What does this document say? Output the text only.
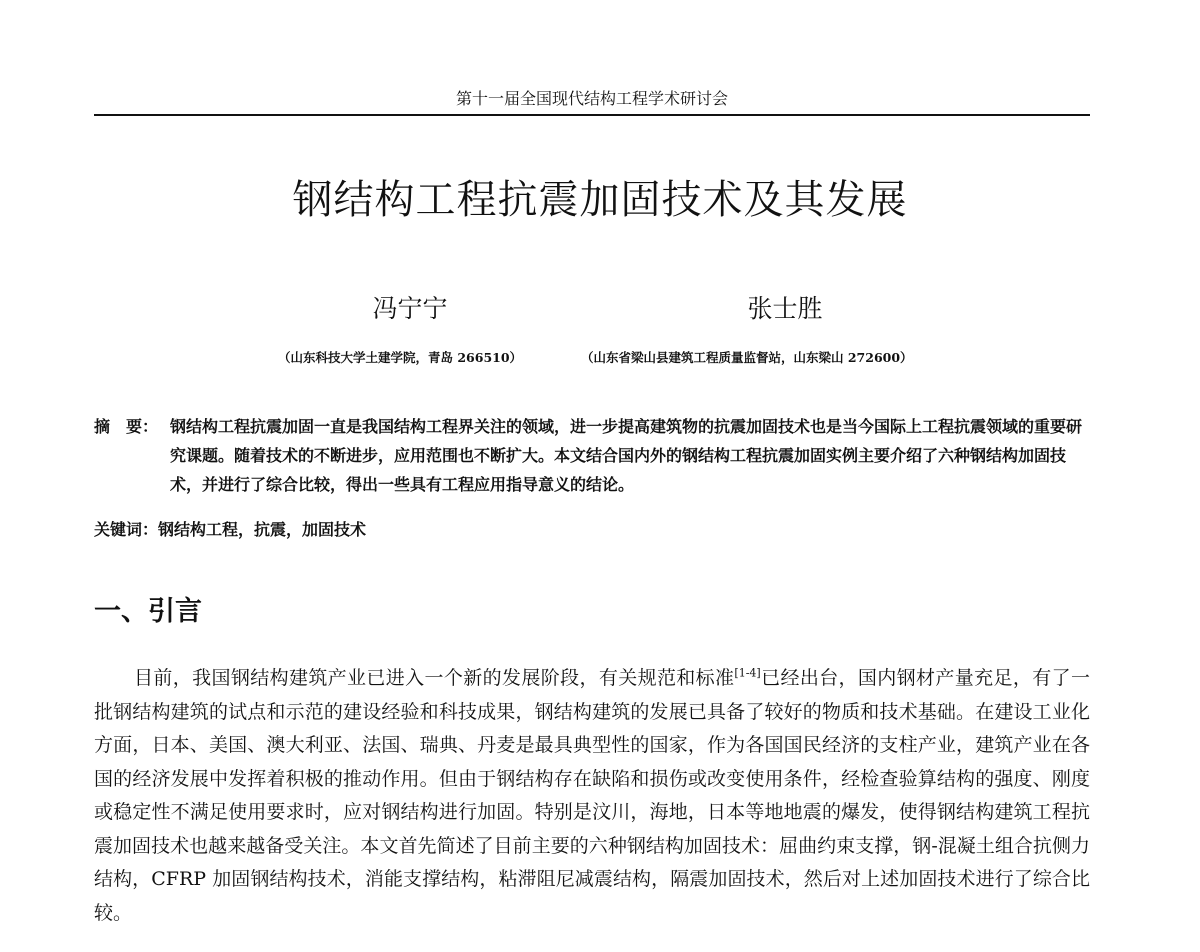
第十一届全国现代结构工程学术研讨会
钢结构工程抗震加固技术及其发展
冯宁宁	张士胜
（山东科技大学土建学院，青岛 266510）	（山东省梁山县建筑工程质量监督站，山东梁山 272600）
摘　要： 钢结构工程抗震加固一直是我国结构工程界关注的领域，进一步提高建筑物的抗震加固技术也是当今国际上工程抗震领域的重要研究课题。随着技术的不断进步，应用范围也不断扩大。本文结合国内外的钢结构工程抗震加固实例主要介绍了六种钢结构加固技术，并进行了综合比较，得出一些具有工程应用指导意义的结论。
关键词：钢结构工程，抗震，加固技术
一、引言
目前，我国钢结构建筑产业已进入一个新的发展阶段，有关规范和标准[1-4]已经出台，国内钢材产量充足，有了一批钢结构建筑的试点和示范的建设经验和科技成果，钢结构建筑的发展已具备了较好的物质和技术基础。在建设工业化方面，日本、美国、澳大利亚、法国、瑞典、丹麦是最具典型性的国家，作为各国国民经济的支柱产业，建筑产业在各国的经济发展中发挥着积极的推动作用。但由于钢结构存在缺陷和损伤或改变使用条件，经检查验算结构的强度、刚度或稳定性不满足使用要求时，应对钢结构进行加固。特别是汶川，海地，日本等地地震的爆发，使得钢结构建筑工程抗震加固技术也越来越备受关注。本文首先简述了目前主要的六种钢结构加固技术：屈曲约束支撑，钢-混凝土组合抗侧力结构，CFRP 加固钢结构技术，消能支撑结构，粘滞阻尼减震结构，隔震加固技术，然后对上述加固技术进行了综合比较。
